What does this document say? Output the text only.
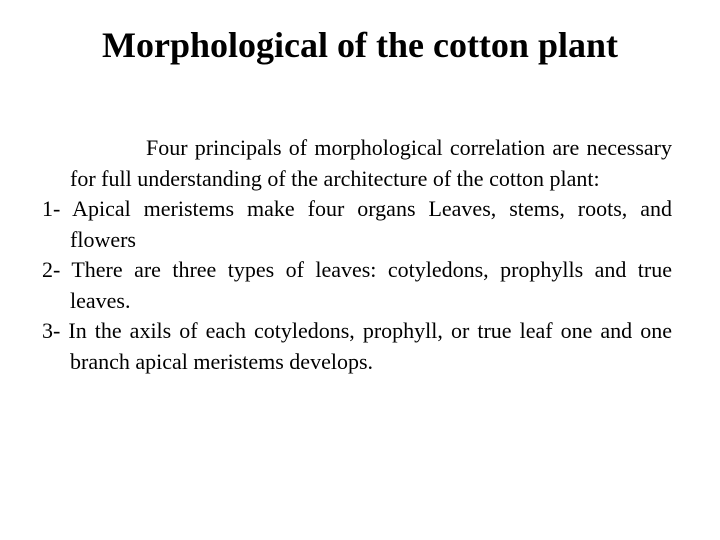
Morphological of the cotton plant

Four principals of morphological correlation are necessary for full understanding of the architecture of the cotton plant:

1- Apical meristems make four organs Leaves, stems, roots, and flowers

2- There are three types of leaves: cotyledons, prophylls and true leaves.

3- In the axils of each cotyledons, prophyll, or true leaf one and one branch apical meristems develops.
